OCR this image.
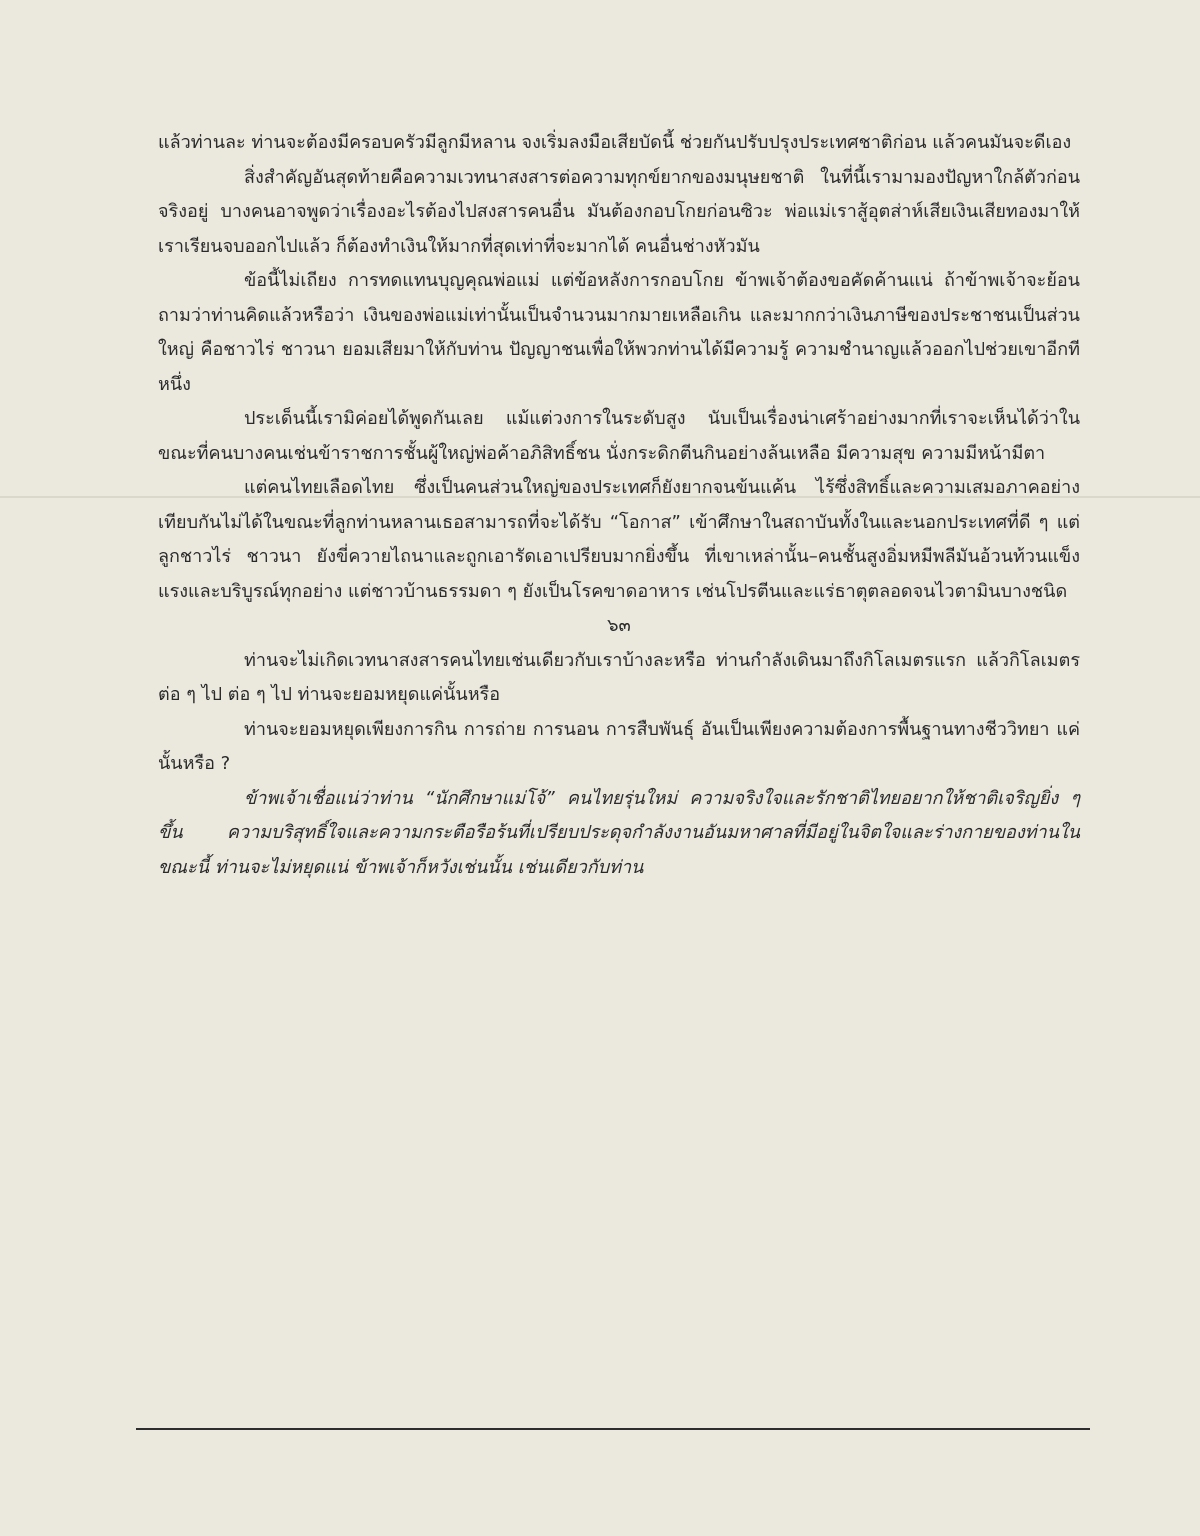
แล้วท่านละ ท่านจะต้องมีครอบครัวมีลูกมีหลาน จงเริ่มลงมือเสียบัดนี้ ช่วยกันปรับปรุงประเทศชาติก่อน แล้วคนมันจะดีเอง

สิ่งสำคัญอันสุดท้ายคือความเวทนาสงสารต่อความทุกข์ยากของมนุษยชาติ ในที่นี้เรามามองปัญหาใกล้ตัวก่อน จริงอยู่ บางคนอาจพูดว่าเรื่องอะไรต้องไปสงสารคนอื่น มันต้องกอบโกยก่อนซิวะ พ่อแม่เราสู้อุตส่าห์เสียเงินเสียทองมาให้เราเรียนจบออกไปแล้ว ก็ต้องทำเงินให้มากที่สุดเท่าที่จะมากได้ คนอื่นช่างหัวมัน

ข้อนี้ไม่เถียง การทดแทนบุญคุณพ่อแม่ แต่ข้อหลังการกอบโกย ข้าพเจ้าต้องขอคัดค้านแน่ ถ้าข้าพเจ้าจะย้อนถามว่าท่านคิดแล้วหรือว่า เงินของพ่อแม่เท่านั้นเป็นจำนวนมากมายเหลือเกิน และมากกว่าเงินภาษีของประชาชนเป็นส่วนใหญ่ คือชาวไร่ ชาวนา ยอมเสียมาให้กับท่าน ปัญญาชนเพื่อให้พวกท่านได้มีความรู้ ความชำนาญแล้วออกไปช่วยเขาอีกทีหนึ่ง

ประเด็นนี้เรามิค่อยได้พูดกันเลย แม้แต่วงการในระดับสูง นับเป็นเรื่องน่าเศร้าอย่างมากที่เราจะเห็นได้ว่าในขณะที่คนบางคนเช่นข้าราชการชั้นผู้ใหญ่พ่อค้าอภิสิทธิ์ชน นั่งกระดิกตีนกินอย่างล้นเหลือ มีความสุข ความมีหน้ามีตา

แต่คนไทยเลือดไทย ซึ่งเป็นคนส่วนใหญ่ของประเทศก็ยังยากจนข้นแค้น ไร้ซึ่งสิทธิ์และความเสมอภาคอย่างเทียบกันไม่ได้ในขณะที่ลูกท่านหลานเธอสามารถที่จะได้รับ “โอกาส” เข้าศึกษาในสถาบันทั้งในและนอกประเทศที่ดี ๆ แต่ลูกชาวไร่ ชาวนา ยังขี่ควายไถนาและถูกเอารัดเอาเปรียบมากยิ่งขึ้น ที่เขาเหล่านั้น–คนชั้นสูงอิ่มหมีพลีมันอ้วนท้วนแข็งแรงและบริบูรณ์ทุกอย่าง แต่ชาวบ้านธรรมดา ๆ ยังเป็นโรคขาดอาหาร เช่นโปรตีนและแร่ธาตุตลอดจนไวตามินบางชนิด

๖๓

ท่านจะไม่เกิดเวทนาสงสารคนไทยเช่นเดียวกับเราบ้างละหรือ ท่านกำลังเดินมาถึงกิโลเมตรแรก แล้วกิโลเมตรต่อ ๆ ไป ต่อ ๆ ไป ท่านจะยอมหยุดแค่นั้นหรือ

ท่านจะยอมหยุดเพียงการกิน การถ่าย การนอน การสืบพันธุ์ อันเป็นเพียงความต้องการพื้นฐานทางชีววิทยา แค่นั้นหรือ ?

ข้าพเจ้าเชื่อแน่ว่าท่าน “นักศึกษาแม่โจ้” คนไทยรุ่นใหม่ ความจริงใจและรักชาติไทยอยากให้ชาติเจริญยิ่ง ๆ ขึ้น ความบริสุทธิ์ใจและความกระตือรือร้นที่เปรียบประดุจกำลังงานอันมหาศาลที่มีอยู่ในจิตใจและร่างกายของท่านในขณะนี้ ท่านจะไม่หยุดแน่ ข้าพเจ้าก็หวังเช่นนั้น เช่นเดียวกับท่าน
